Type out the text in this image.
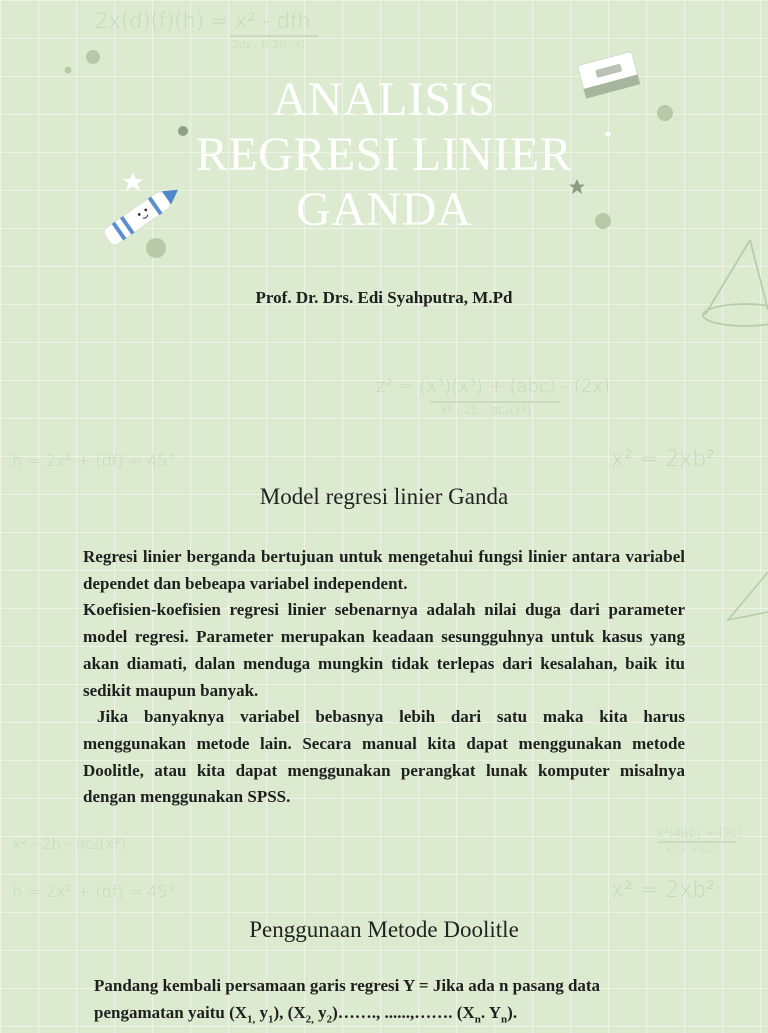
2x(d)(f)(h) = x² - dfh
2d₂ - fh2(r'·x)
z² = (x³)(x³) + (abc) - (2x)
x² - 2b - ac₂(x²)
h = 2x² + (df) = 45°	x² = 2xb²
x² - 2b - ac₂(x²)
h = 2x² + (df) = 45°
x²(4ab) = (2c)
x² + x³(ac)
x² = 2xb²
ANALISIS
REGRESI LINIER
GANDA
Prof. Dr. Drs. Edi Syahputra, M.Pd
Model regresi linier Ganda

Regresi linier berganda bertujuan untuk mengetahui fungsi linier antara variabel dependet dan bebeapa variabel independent.

Koefisien-koefisien regresi linier sebenarnya adalah nilai duga dari parameter model regresi. Parameter merupakan keadaan sesungguhnya untuk kasus yang akan diamati, dalan menduga mungkin tidak terlepas dari kesalahan, baik itu sedikit maupun banyak.

Jika banyaknya variabel bebasnya lebih dari satu maka kita harus menggunakan metode lain. Secara manual kita dapat menggunakan metode Doolitle, atau kita dapat menggunakan perangkat lunak komputer misalnya dengan menggunakan SPSS.

Penggunaan Metode Doolitle

Pandang kembali persamaan garis regresi Y = Jika ada n pasang data

pengamatan yaitu ($X_{1,}$ $y_1$), ($X_{2,}$ $y_2)\dots\dots$., ......,……. ($X_n$. $Y_n$).
